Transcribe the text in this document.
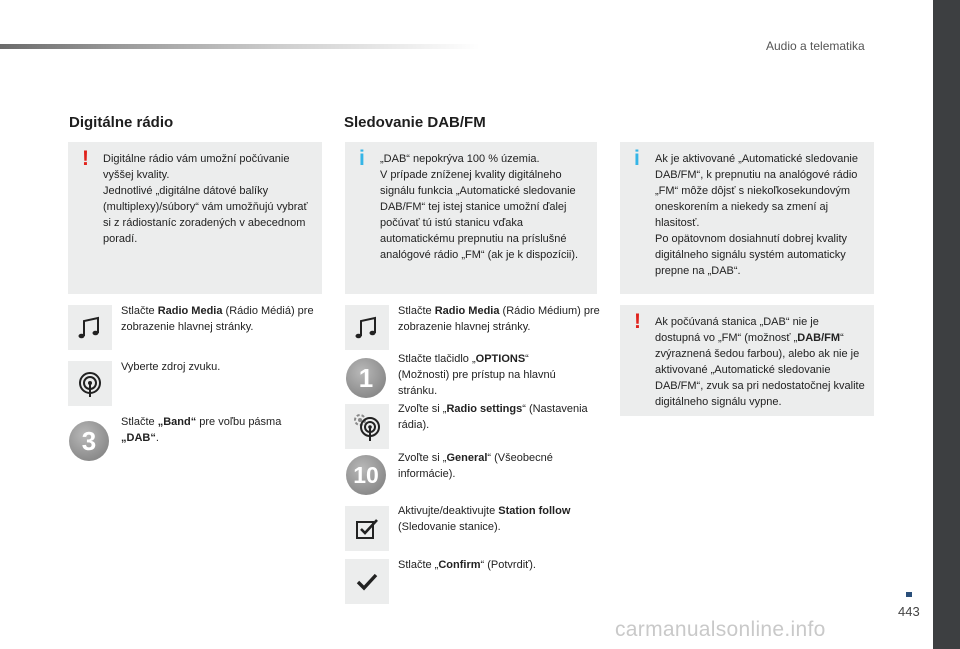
Audio a telematika
Digitálne rádio
! Digitálne rádio vám umožní počúvanie vyššej kvality.
Jednotlivé „digitálne dátové balíky (multiplexy)/súbory“ vám umožňujú vybrať si z rádiostaníc zoradených v abecednom poradí.
Stlačte Radio Media (Rádio Médiá) pre zobrazenie hlavnej stránky.
Vyberte zdroj zvuku.
3
Stlačte „Band“ pre voľbu pásma „DAB“.
Sledovanie DAB/FM
i „DAB“ nepokrýva 100 % územia.
V prípade zníženej kvality digitálneho signálu funkcia „Automatické sledovanie DAB/FM“ tej istej stanice umožní ďalej počúvať tú istú stanicu vďaka automatickému prepnutiu na príslušné analógové rádio „FM“ (ak je k dispozícii).
Stlačte Radio Media (Rádio Médium) pre zobrazenie hlavnej stránky.
1
Stlačte tlačidlo „OPTIONS“ (Možnosti) pre prístup na hlavnú stránku.
Zvoľte si „Radio settings“ (Nastavenia rádia).
10
Zvoľte si „General“ (Všeobecné informácie).
Aktivujte/deaktivujte Station follow (Sledovanie stanice).
Stlačte „Confirm“ (Potvrdiť).
i Ak je aktivované „Automatické sledovanie DAB/FM“, k prepnutiu na analógové rádio „FM“ môže dôjsť s niekoľkosekundovým oneskorením a niekedy sa zmení aj hlasitosť.
Po opätovnom dosiahnutí dobrej kvality digitálneho signálu systém automaticky prepne na „DAB“.
! Ak počúvaná stanica „DAB“ nie je dostupná vo „FM“ (možnosť „DAB/FM“ zvýraznená šedou farbou), alebo ak nie je aktivované „Automatické sledovanie DAB/FM“, zvuk sa pri nedostatočnej kvalite digitálneho signálu vypne.
443
carmanualsonline.info
